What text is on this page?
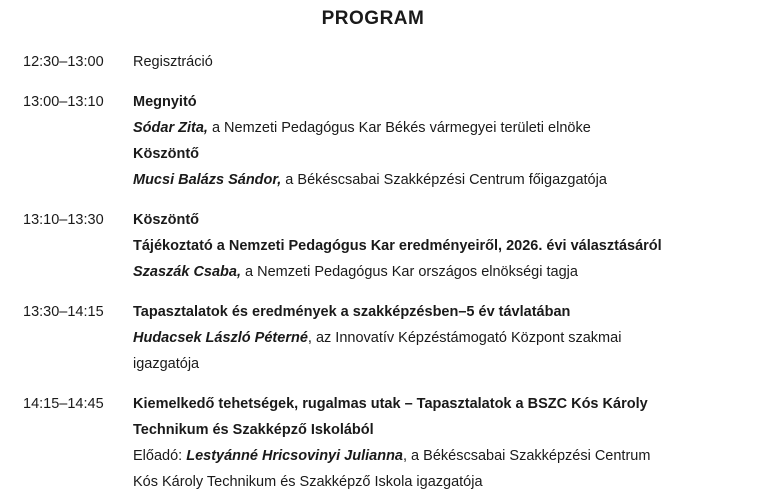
PROGRAM
12:30–13:00	Regisztráció
13:00–13:10	Megnyitó
Sódar Zita, a Nemzeti Pedagógus Kar Békés vármegyei területi elnöke
Köszöntő
Mucsi Balázs Sándor, a Békéscsabai Szakképzési Centrum főigazgatója
13:10–13:30	Köszöntő
Tájékoztató a Nemzeti Pedagógus Kar eredményeiről, 2026. évi választásáról
Szaszák Csaba, a Nemzeti Pedagógus Kar országos elnökségi tagja
13:30–14:15	Tapasztalatok és eredmények a szakképzésben–5 év távlatában
Hudacsek László Péterné, az Innovatív Képzéstámogató Központ szakmai
igazgatója
14:15–14:45	Kiemelkedő tehetségek, rugalmas utak – Tapasztalatok a BSZC Kós Károly
Technikum és Szakképző Iskolából
Előadó: Lestyánné Hricsovinyi Julianna, a Békéscsabai Szakképzési Centrum
Kós Károly Technikum és Szakképző Iskola igazgatója
